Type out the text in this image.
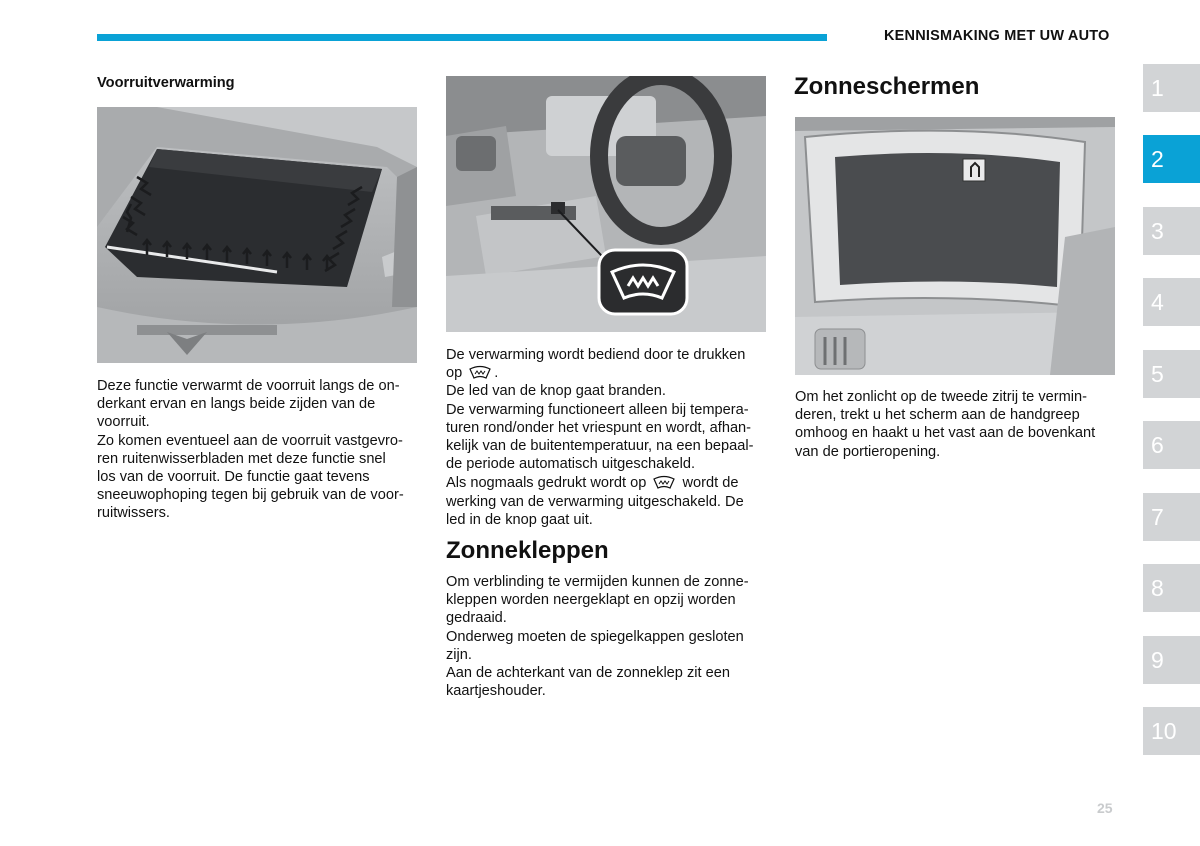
KENNISMAKING MET UW AUTO
1
2
3
4
5
6
7
8
9
10

Voorruitverwarming

Deze functie verwarmt de voorruit langs de on-

derkant ervan en langs beide zijden van de

voorruit.

Zo komen eventueel aan de voorruit vastgevro-

ren ruitenwisserbladen met deze functie snel

los van de voorruit. De functie gaat tevens

sneeuwophoping tegen bij gebruik van de voor-

ruitwissers.

De verwarming wordt bediend door te drukken

op .

De led van de knop gaat branden.

De verwarming functioneert alleen bij tempera-

turen rond/onder het vriespunt en wordt, afhan-

kelijk van de buitentemperatuur, na een bepaal-

de periode automatisch uitgeschakeld.

Als nogmaals gedrukt wordt op wordt de

werking van de verwarming uitgeschakeld. De

led in de knop gaat uit.

Zonnekleppen

Om verblinding te vermijden kunnen de zonne-

kleppen worden neergeklapt en opzij worden

gedraaid.

Onderweg moeten de spiegelkappen gesloten

zijn.

Aan de achterkant van de zonneklep zit een

kaartjeshouder.

Zonneschermen

Om het zonlicht op de tweede zitrij te vermin-

deren, trekt u het scherm aan de handgreep

omhoog en haakt u het vast aan de bovenkant

van de portieropening.

25
